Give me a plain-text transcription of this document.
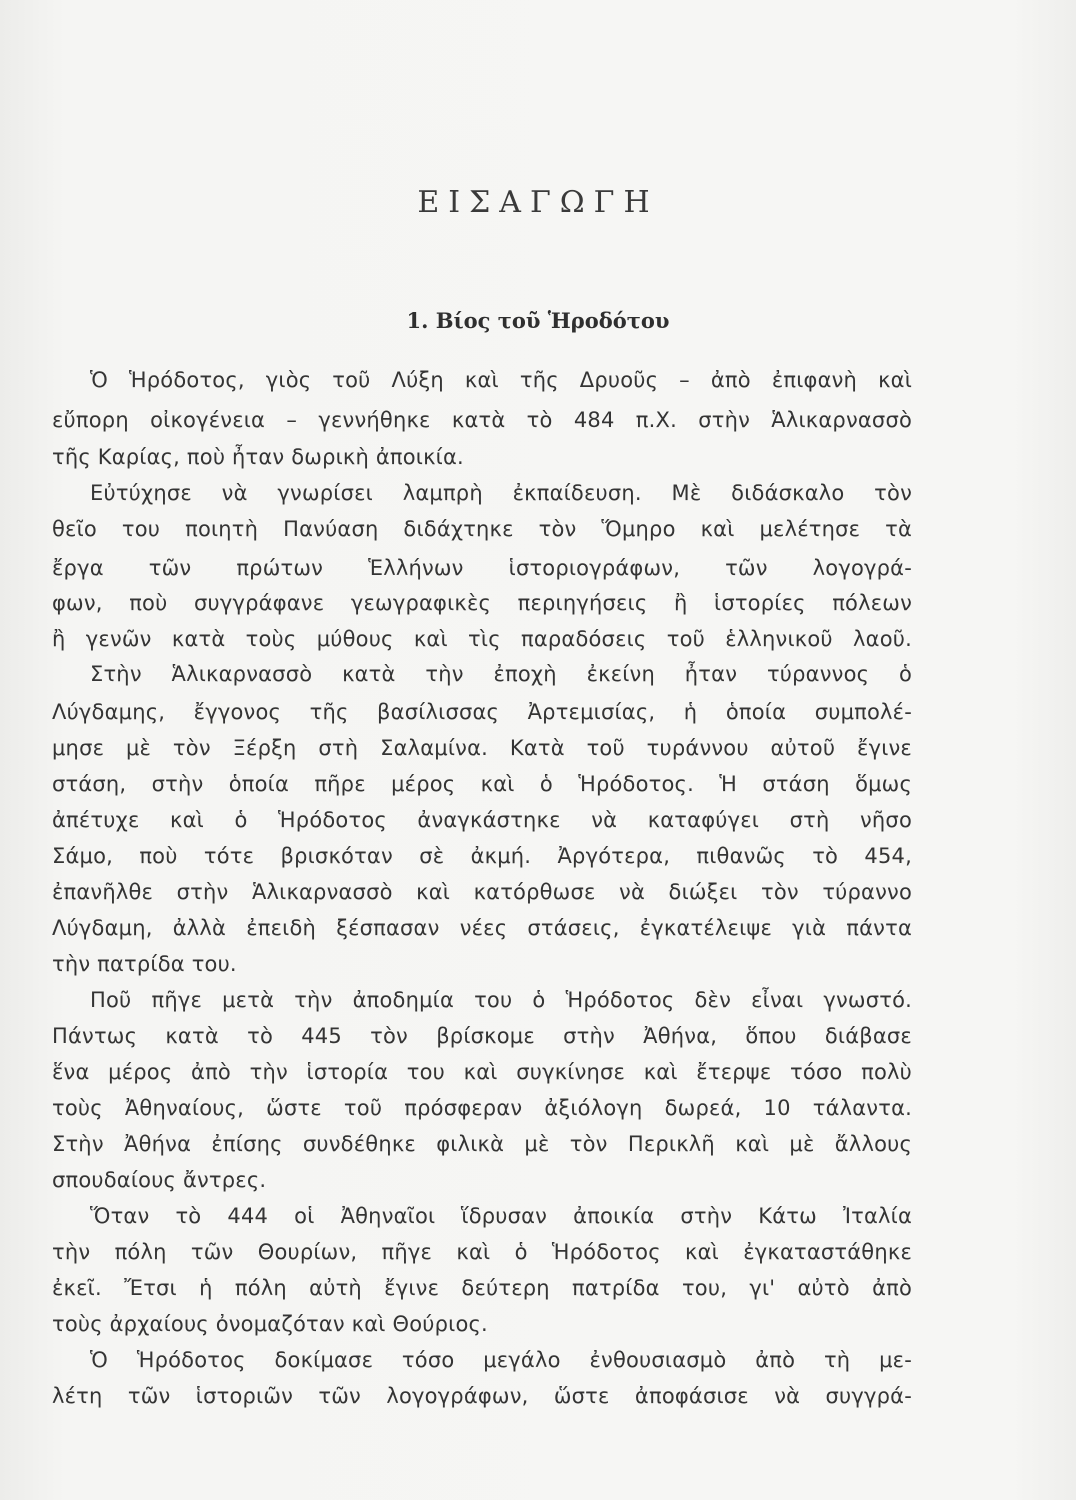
ΕΙΣΑΓΩΓΗ
1. Βίος τοῦ Ἡροδότου
Ὁ Ἡρόδοτος, γιὸς τοῦ Λύξη καὶ τῆς Δρυοῦς – ἀπὸ ἐπιφανὴ καὶ
εὔπορη οἰκογένεια – γεννήθηκε κατὰ τὸ 484 π.Χ. στὴν Ἁλικαρνασσὸ
τῆς Καρίας, ποὺ ἦταν δωρικὴ ἀποικία.
Εὐτύχησε νὰ γνωρίσει λαμπρὴ ἐκπαίδευση. Μὲ διδάσκαλο τὸν
θεῖο του ποιητὴ Πανύαση διδάχτηκε τὸν Ὅμηρο καὶ μελέτησε τὰ
ἔργα τῶν πρώτων Ἑλλήνων ἱστοριογράφων, τῶν λογογρά-
φων, ποὺ συγγράφανε γεωγραφικὲς περιηγήσεις ἢ ἱστορίες πόλεων
ἢ γενῶν κατὰ τοὺς μύθους καὶ τὶς παραδόσεις τοῦ ἑλληνικοῦ λαοῦ.
Στὴν Ἁλικαρνασσὸ κατὰ τὴν ἐποχὴ ἐκείνη ἦταν τύραννος ὁ
Λύγδαμης, ἔγγονος τῆς βασίλισσας Ἀρτεμισίας, ἡ ὁποία συμπολέ-
μησε μὲ τὸν Ξέρξη στὴ Σαλαμίνα. Κατὰ τοῦ τυράννου αὐτοῦ ἔγινε
στάση, στὴν ὁποία πῆρε μέρος καὶ ὁ Ἡρόδοτος. Ἡ στάση ὅμως
ἀπέτυχε καὶ ὁ Ἡρόδοτος ἀναγκάστηκε νὰ καταφύγει στὴ νῆσο
Σάμο, ποὺ τότε βρισκόταν σὲ ἀκμή. Ἀργότερα, πιθανῶς τὸ 454,
ἐπανῆλθε στὴν Ἁλικαρνασσὸ καὶ κατόρθωσε νὰ διώξει τὸν τύραννο
Λύγδαμη, ἀλλὰ ἐπειδὴ ξέσπασαν νέες στάσεις, ἐγκατέλειψε γιὰ πάντα
τὴν πατρίδα του.
Ποῦ πῆγε μετὰ τὴν ἀποδημία του ὁ Ἡρόδοτος δὲν εἶναι γνωστό.
Πάντως κατὰ τὸ 445 τὸν βρίσκομε στὴν Ἀθήνα, ὅπου διάβασε
ἕνα μέρος ἀπὸ τὴν ἱστορία του καὶ συγκίνησε καὶ ἔτερψε τόσο πολὺ
τοὺς Ἀθηναίους, ὥστε τοῦ πρόσφεραν ἀξιόλογη δωρεά, 10 τάλαντα.
Στὴν Ἀθήνα ἐπίσης συνδέθηκε φιλικὰ μὲ τὸν Περικλῆ καὶ μὲ ἄλλους
σπουδαίους ἄντρες.
Ὅταν τὸ 444 οἱ Ἀθηναῖοι ἵδρυσαν ἀποικία στὴν Κάτω Ἰταλία
τὴν πόλη τῶν Θουρίων, πῆγε καὶ ὁ Ἡρόδοτος καὶ ἐγκαταστάθηκε
ἐκεῖ. Ἔτσι ἡ πόλη αὐτὴ ἔγινε δεύτερη πατρίδα του, γι' αὐτὸ ἀπὸ
τοὺς ἀρχαίους ὀνομαζόταν καὶ Θούριος.
Ὁ Ἡρόδοτος δοκίμασε τόσο μεγάλο ἐνθουσιασμὸ ἀπὸ τὴ με-
λέτη τῶν ἱστοριῶν τῶν λογογράφων, ὥστε ἀποφάσισε νὰ συγγρά-
